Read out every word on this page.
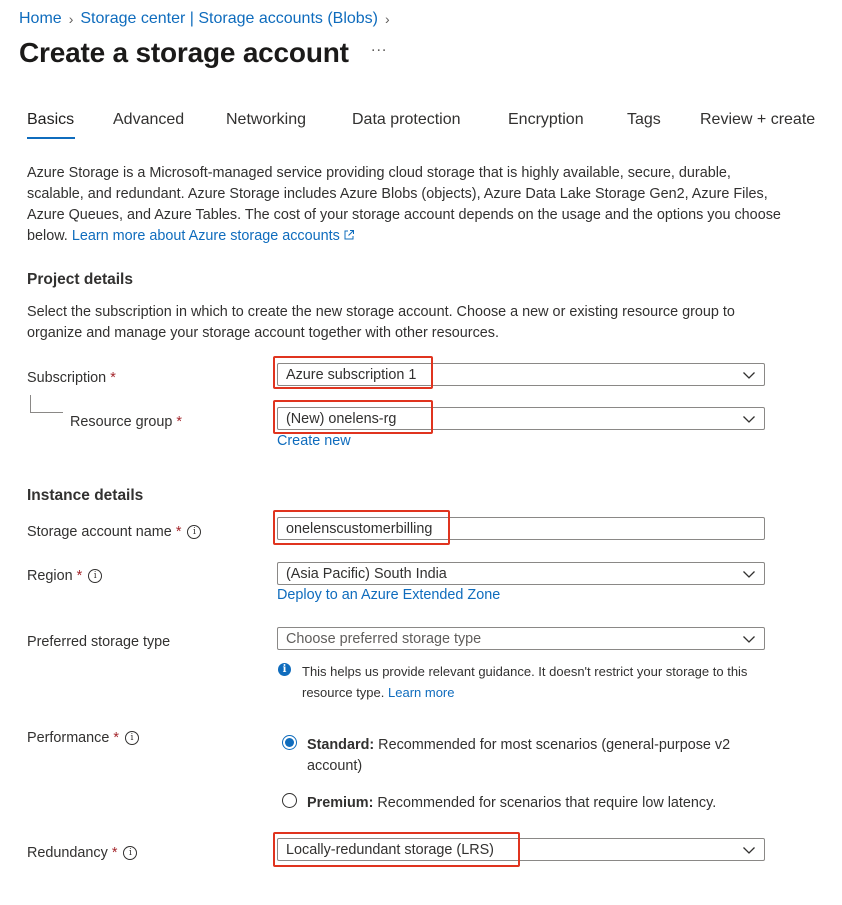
Home › Storage center | Storage accounts (Blobs) ›
Create a storage account ...
Basics Advanced	Networking	Data protection	Encryption	Tags Review + create
Azure Storage is a Microsoft-managed service providing cloud storage that is highly available, secure, durable, scalable, and redundant. Azure Storage includes Azure Blobs (objects), Azure Data Lake Storage Gen2, Azure Files, Azure Queues, and Azure Tables. The cost of your storage account depends on the usage and the options you choose below. Learn more about Azure storage accounts
Project details
Select the subscription in which to create the new storage account. Choose a new or existing resource group to organize and manage your storage account together with other resources.
Subscription *	Azure subscription 1
Resource group *	(New) onelens-rg
Create new
Instance details
Storage account name *	i	onelenscustomerbilling
Region *	i	(Asia Pacific) South India
Deploy to an Azure Extended Zone
Preferred storage type	Choose preferred storage type
i	This helps us provide relevant guidance. It doesn't restrict your storage to this resource type. Learn more
Performance *	i	Standard: Recommended for most scenarios (general-purpose v2 account)
Premium: Recommended for scenarios that require low latency.
Redundancy *	i	Locally-redundant storage (LRS)
